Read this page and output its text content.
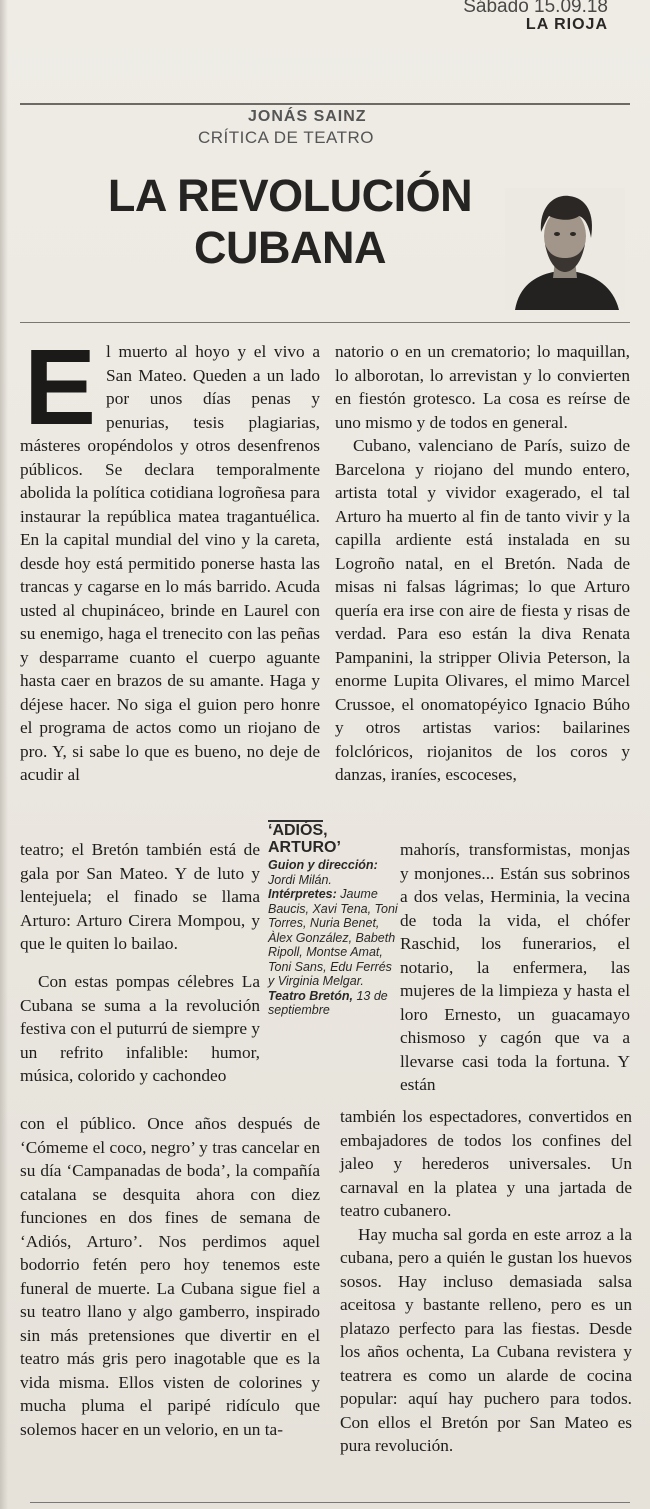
Sábado 15.09.18
LA RIOJA
JONÁS SAINZ
CRÍTICA DE TEATRO
LA REVOLUCIÓN CUBANA

El muerto al hoyo y el vivo a San Mateo. Queden a un lado por unos días penas y penurias, tesis plagiarias, másteres oropéndolos y otros desenfrenos públicos. Se declara temporalmente abolida la política cotidiana logroñesa para instaurar la república matea tragantuélica. En la capital mundial del vino y la careta, desde hoy está permitido ponerse hasta las trancas y cagarse en lo más barrido. Acuda usted al chupináceo, brinde en Laurel con su enemigo, haga el trenecito con las peñas y desparrame cuanto el cuerpo aguante hasta caer en brazos de su amante. Haga y déjese hacer. No siga el guion pero honre el programa de actos como un riojano de pro. Y, si sabe lo que es bueno, no deje de acudir al

teatro; el Bretón también está de gala por San Mateo. Y de luto y lentejuela; el finado se llama Arturo: Arturo Cirera Mompou, y que le quiten lo bailao.

Con estas pompas célebres La Cubana se suma a la revolución festiva con el puturrú de siempre y un refrito infalible: humor, música, colorido y cachondeo

con el público. Once años después de ‘Cómeme el coco, negro’ y tras cancelar en su día ‘Campanadas de boda’, la compañía catalana se desquita ahora con diez funciones en dos fines de semana de ‘Adiós, Arturo’. Nos perdimos aquel bodorrio fetén pero hoy tenemos este funeral de muerte. La Cubana sigue fiel a su teatro llano y algo gamberro, inspirado sin más pretensiones que divertir en el teatro más gris pero inagotable que es la vida misma. Ellos visten de colorines y mucha pluma el paripé ridículo que solemos hacer en un velorio, en un ta-

natorio o en un crematorio; lo maquillan, lo alborotan, lo arrevistan y lo convierten en fiestón grotesco. La cosa es reírse de uno mismo y de todos en general.

Cubano, valenciano de París, suizo de Barcelona y riojano del mundo entero, artista total y vividor exagerado, el tal Arturo ha muerto al fin de tanto vivir y la capilla ardiente está instalada en su Logroño natal, en el Bretón. Nada de misas ni falsas lágrimas; lo que Arturo quería era irse con aire de fiesta y risas de verdad. Para eso están la diva Renata Pampanini, la stripper Olivia Peterson, la enorme Lupita Olivares, el mimo Marcel Crussoe, el onomatopéyico Ignacio Búho y otros artistas varios: bailarines folclóricos, riojanitos de los coros y danzas, iraníes, escoceses,

‘ADIÓS, ARTURO’
Guion y dirección: Jordi Milán. Intérpretes: Jaume Baucis, Xavi Tena, Toni Torres, Nuria Benet, Àlex González, Babeth Ripoll, Montse Amat, Toni Sans, Edu Ferrés y Virginia Melgar. Teatro Bretón, 13 de septiembre

mahorís, transformistas, monjas y monjones... Están sus sobrinos a dos velas, Herminia, la vecina de toda la vida, el chófer Raschid, los funerarios, el notario, la enfermera, las mujeres de la limpieza y hasta el loro Ernesto, un guacamayo chismoso y cagón que va a llevarse casi toda la fortuna. Y están

también los espectadores, convertidos en embajadores de todos los confines del jaleo y herederos universales. Un carnaval en la platea y una jartada de teatro cubanero.

Hay mucha sal gorda en este arroz a la cubana, pero a quién le gustan los huevos sosos. Hay incluso demasiada salsa aceitosa y bastante relleno, pero es un platazo perfecto para las fiestas. Desde los años ochenta, La Cubana revistera y teatrera es como un alarde de cocina popular: aquí hay puchero para todos. Con ellos el Bretón por San Mateo es pura revolución.
